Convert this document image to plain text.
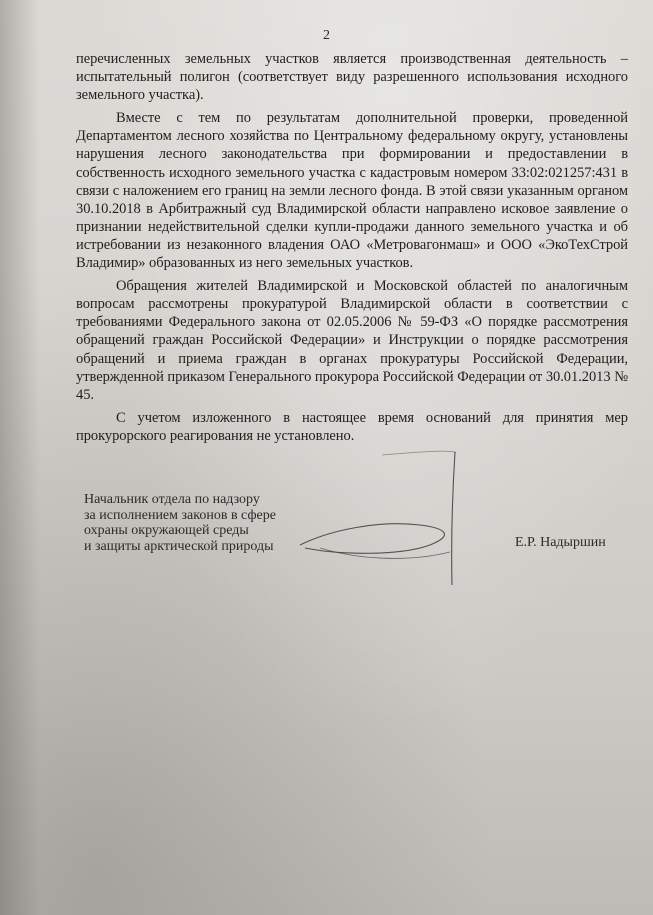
2

перечисленных земельных участков является производственная деятельность – испытательный полигон (соответствует виду разрешенного использования исходного земельного участка).

Вместе с тем по результатам дополнительной проверки, проведенной Департаментом лесного хозяйства по Центральному федеральному округу, установлены нарушения лесного законодательства при формировании и предоставлении в собственность исходного земельного участка с кадастровым номером 33:02:021257:431 в связи с наложением его границ на земли лесного фонда. В этой связи указанным органом 30.10.2018 в Арбитражный суд Владимирской области направлено исковое заявление о признании недействительной сделки купли-продажи данного земельного участка и об истребовании из незаконного владения ОАО «Метровагонмаш» и ООО «ЭкоТехСтрой Владимир» образованных из него земельных участков.

Обращения жителей Владимирской и Московской областей по аналогичным вопросам рассмотрены прокуратурой Владимирской области в соответствии с требованиями Федерального закона от 02.05.2006 № 59-ФЗ «О порядке рассмотрения обращений граждан Российской Федерации» и Инструкции о порядке рассмотрения обращений и приема граждан в органах прокуратуры Российской Федерации, утвержденной приказом Генерального прокурора Российской Федерации от 30.01.2013 № 45.

С учетом изложенного в настоящее время оснований для принятия мер прокурорского реагирования не установлено.

Начальник отдела по надзору
за исполнением законов в сфере
охраны окружающей среды
и защиты арктической природы	Е.Р. Надыршин
